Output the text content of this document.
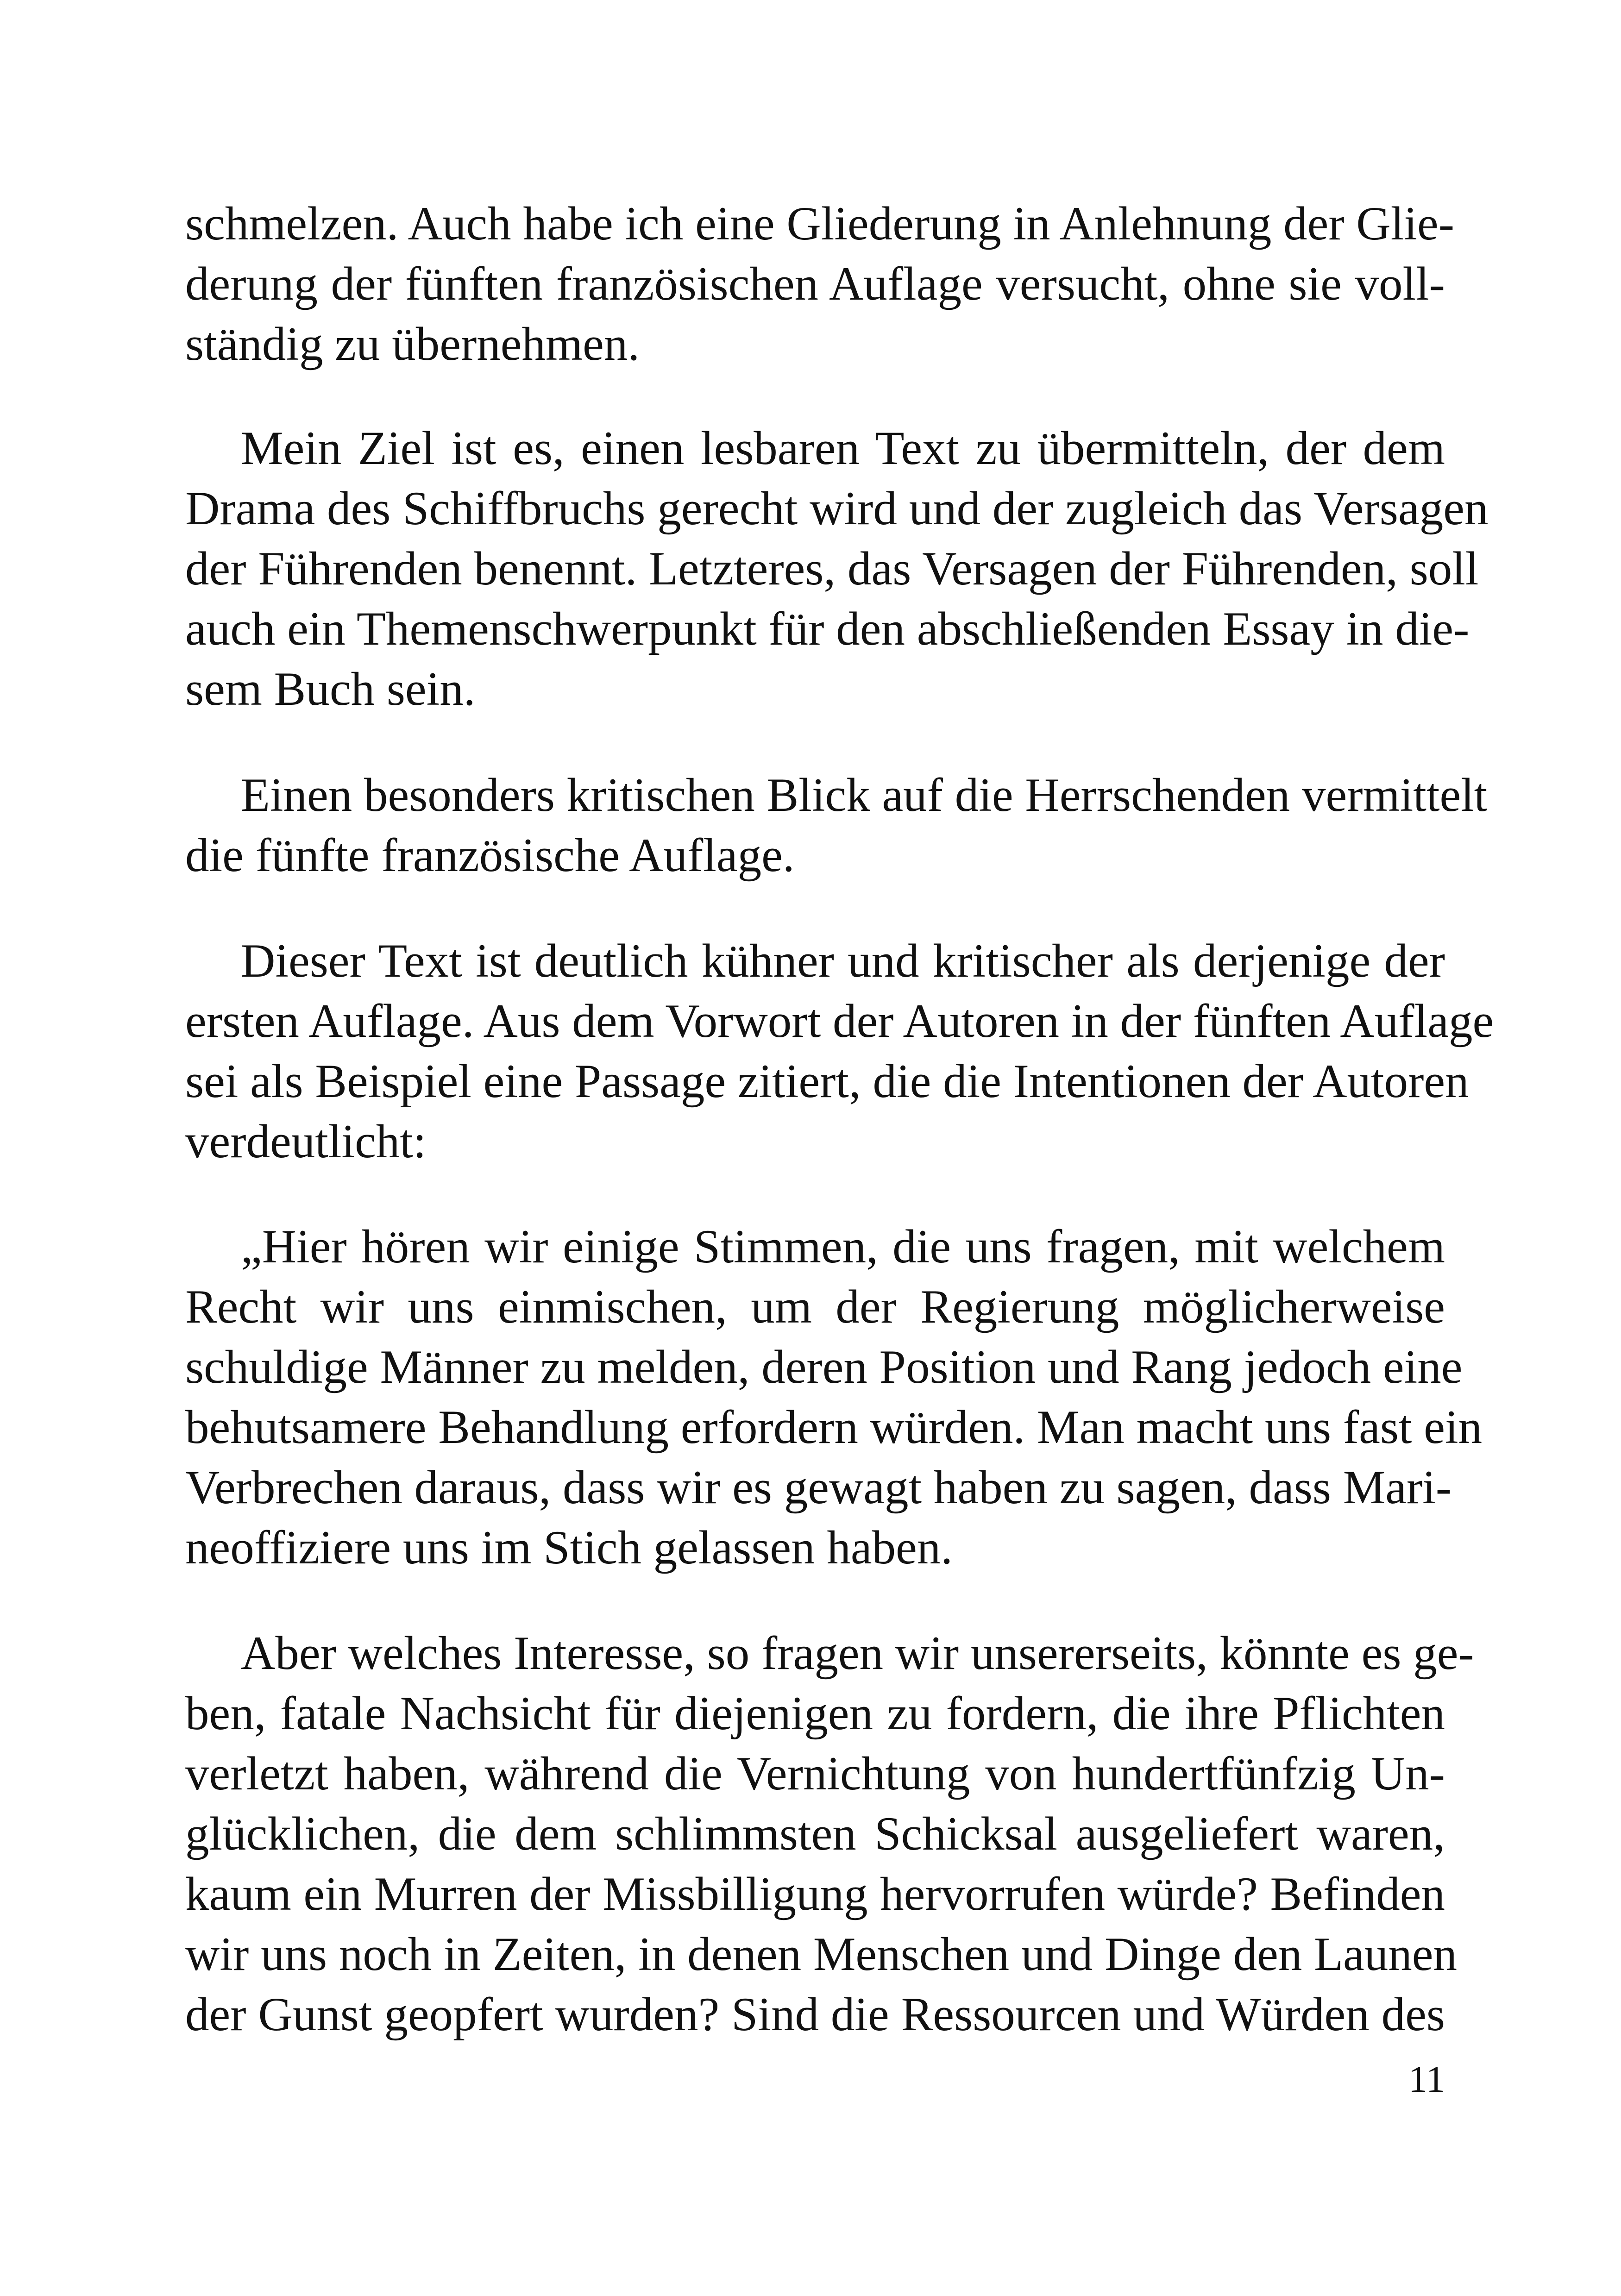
schmelzen. Auch habe ich eine Gliederung in Anlehnung der Glie-
derung der fünften französischen Auflage versucht, ohne sie voll-
ständig zu übernehmen.
Mein Ziel ist es, einen lesbaren Text zu übermitteln, der dem
Drama des Schiffbruchs gerecht wird und der zugleich das Versagen
der Führenden benennt. Letzteres, das Versagen der Führenden, soll
auch ein Themenschwerpunkt für den abschließenden Essay in die-
sem Buch sein.
Einen besonders kritischen Blick auf die Herrschenden vermittelt
die fünfte französische Auflage.
Dieser Text ist deutlich kühner und kritischer als derjenige der
ersten Auflage. Aus dem Vorwort der Autoren in der fünften Auflage
sei als Beispiel eine Passage zitiert, die die Intentionen der Autoren
verdeutlicht:
„Hier hören wir einige Stimmen, die uns fragen, mit welchem
Recht wir uns einmischen, um der Regierung möglicherweise
schuldige Männer zu melden, deren Position und Rang jedoch eine
behutsamere Behandlung erfordern würden. Man macht uns fast ein
Verbrechen daraus, dass wir es gewagt haben zu sagen, dass Mari-
neoffiziere uns im Stich gelassen haben.
Aber welches Interesse, so fragen wir unsererseits, könnte es ge-
ben, fatale Nachsicht für diejenigen zu fordern, die ihre Pflichten
verletzt haben, während die Vernichtung von hundertfünfzig Un-
glücklichen, die dem schlimmsten Schicksal ausgeliefert waren,
kaum ein Murren der Missbilligung hervorrufen würde? Befinden
wir uns noch in Zeiten, in denen Menschen und Dinge den Launen
der Gunst geopfert wurden? Sind die Ressourcen und Würden des
11
